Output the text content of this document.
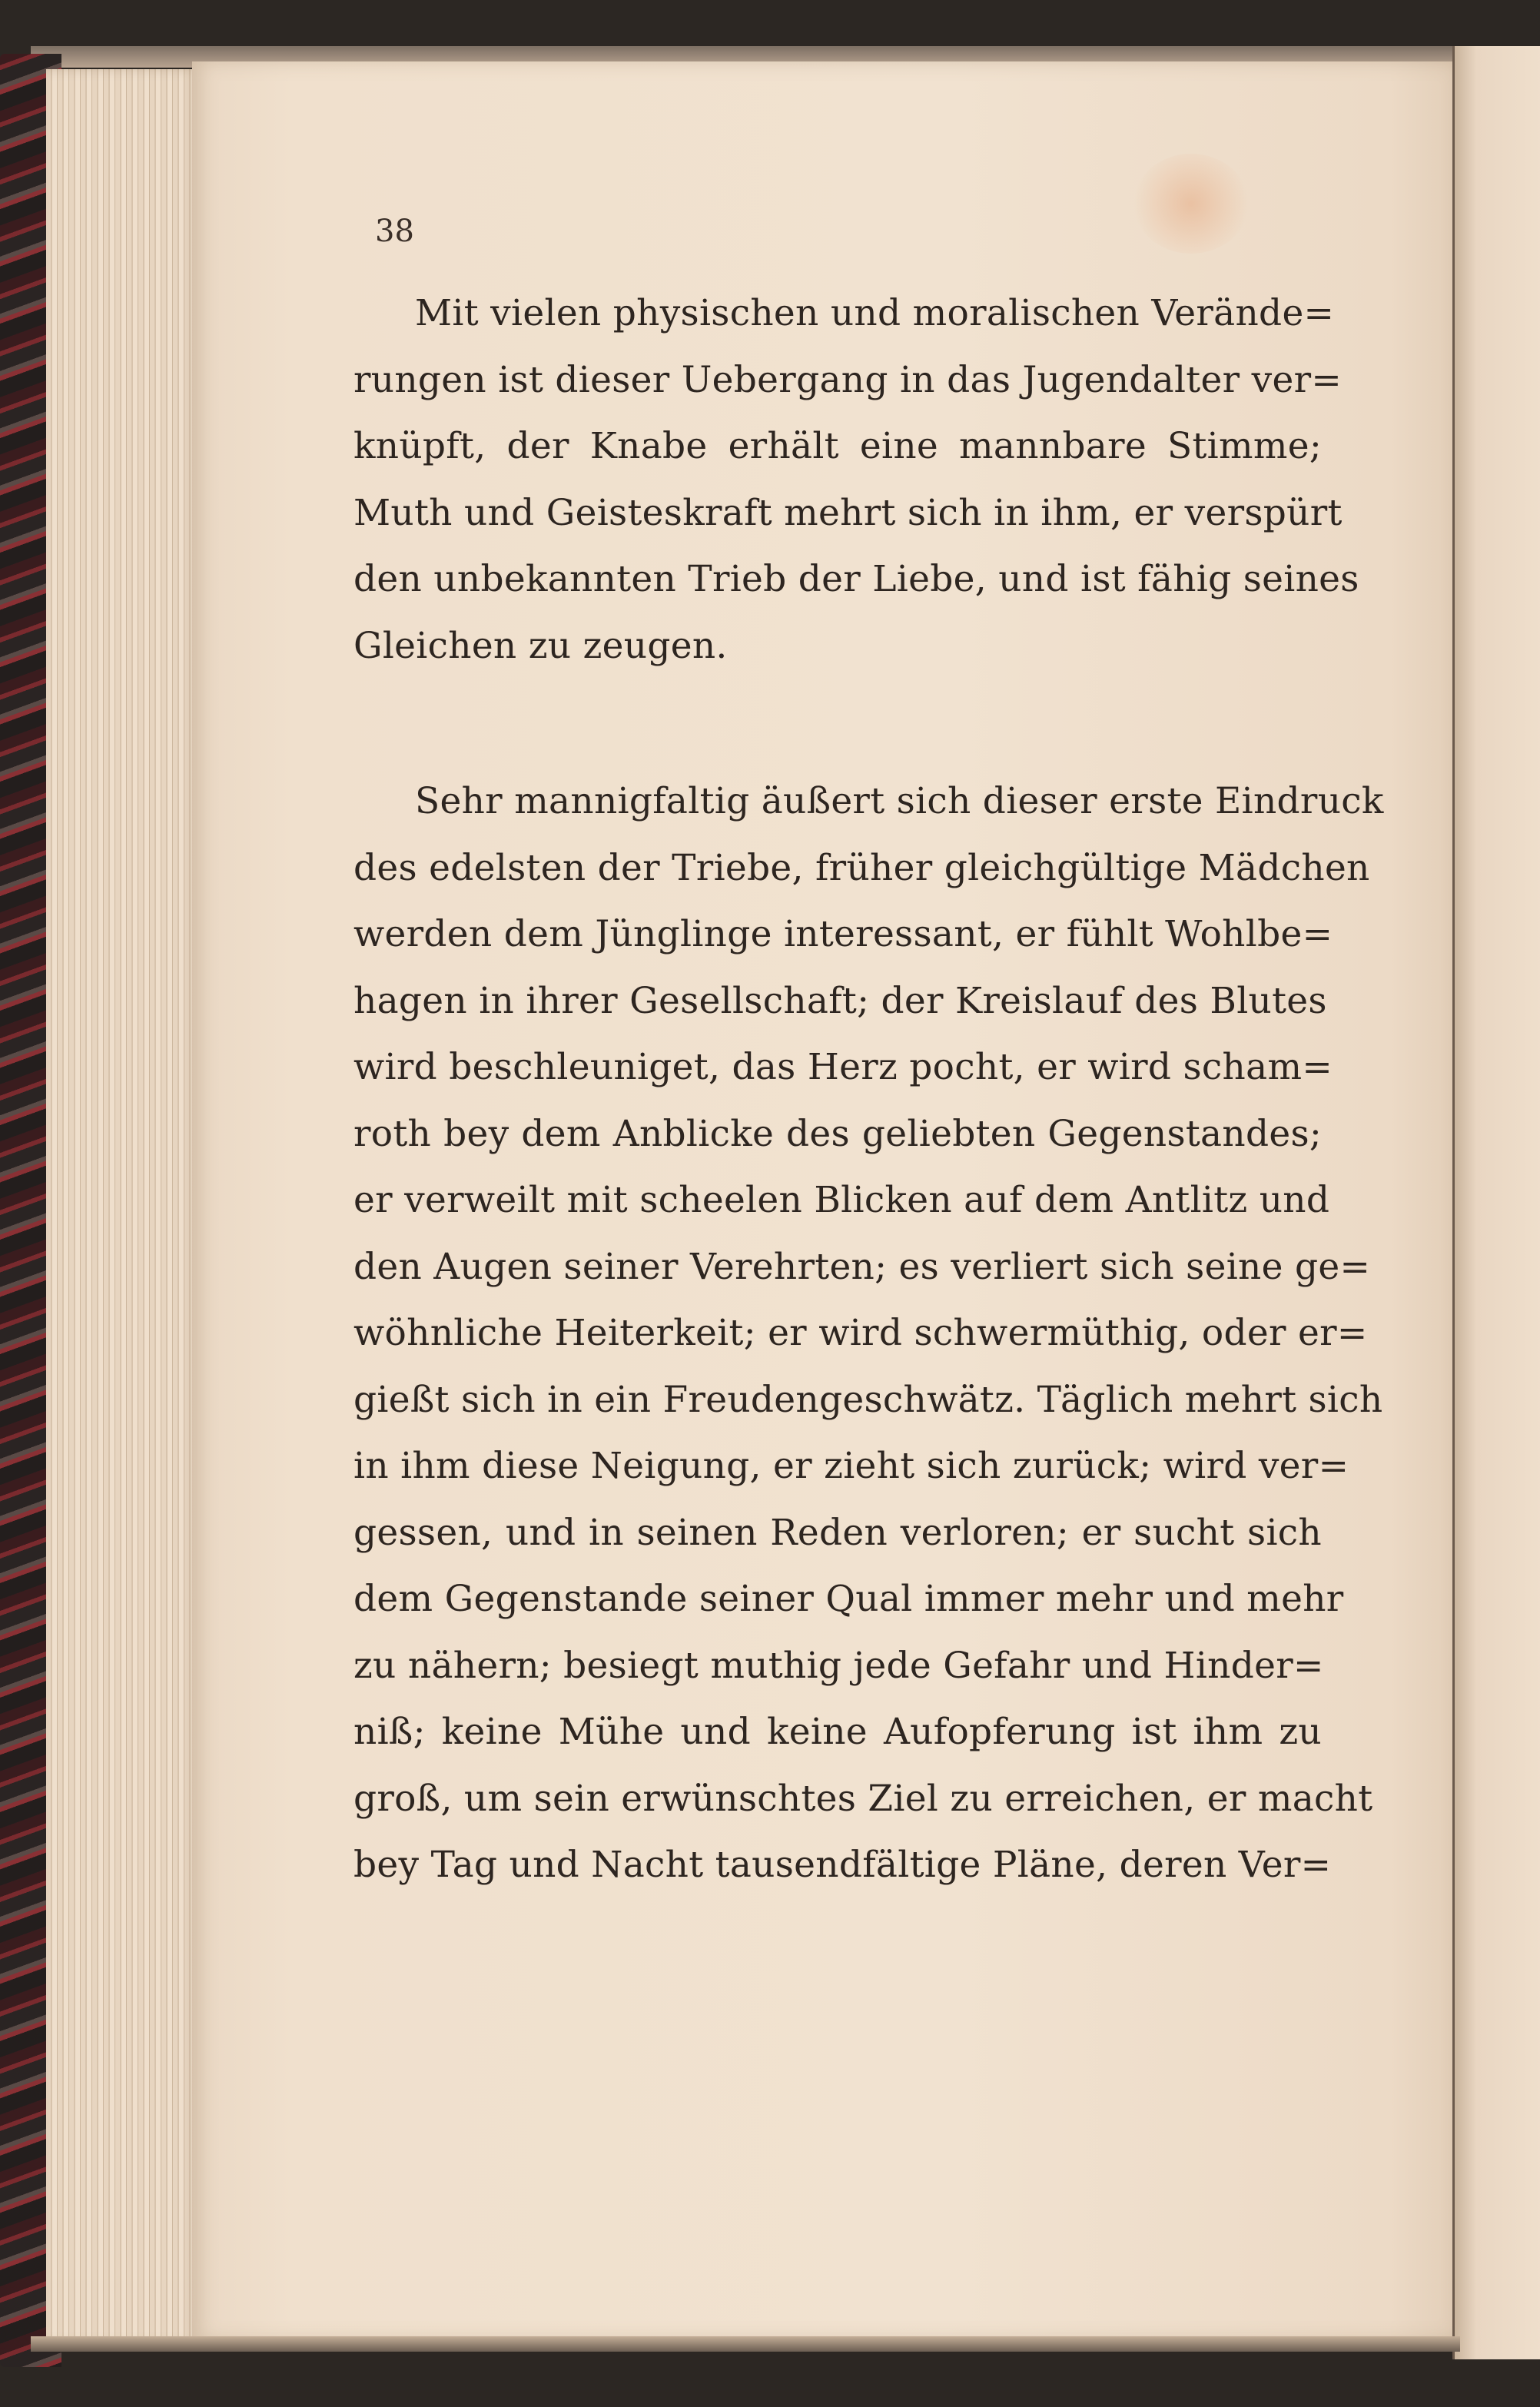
38
Mit vielen physischen und moralischen Verände=
rungen ist dieser Uebergang in das Jugendalter ver=
knüpft, der Knabe erhält eine mannbare Stimme;
Muth und Geisteskraft mehrt sich in ihm, er verspürt
den unbekannten Trieb der Liebe, und ist fähig seines
Gleichen zu zeugen.
Sehr mannigfaltig äußert sich dieser erste Eindruck
des edelsten der Triebe, früher gleichgültige Mädchen
werden dem Jünglinge interessant, er fühlt Wohlbe=
hagen in ihrer Gesellschaft; der Kreislauf des Blutes
wird beschleuniget, das Herz pocht, er wird scham=
roth bey dem Anblicke des geliebten Gegenstandes;
er verweilt mit scheelen Blicken auf dem Antlitz und
den Augen seiner Verehrten; es verliert sich seine ge=
wöhnliche Heiterkeit; er wird schwermüthig, oder er=
gießt sich in ein Freudengeschwätz. Täglich mehrt sich
in ihm diese Neigung, er zieht sich zurück; wird ver=
gessen, und in seinen Reden verloren; er sucht sich
dem Gegenstande seiner Qual immer mehr und mehr
zu nähern; besiegt muthig jede Gefahr und Hinder=
niß; keine Mühe und keine Aufopferung ist ihm zu
groß, um sein erwünschtes Ziel zu erreichen, er macht
bey Tag und Nacht tausendfältige Pläne, deren Ver=
